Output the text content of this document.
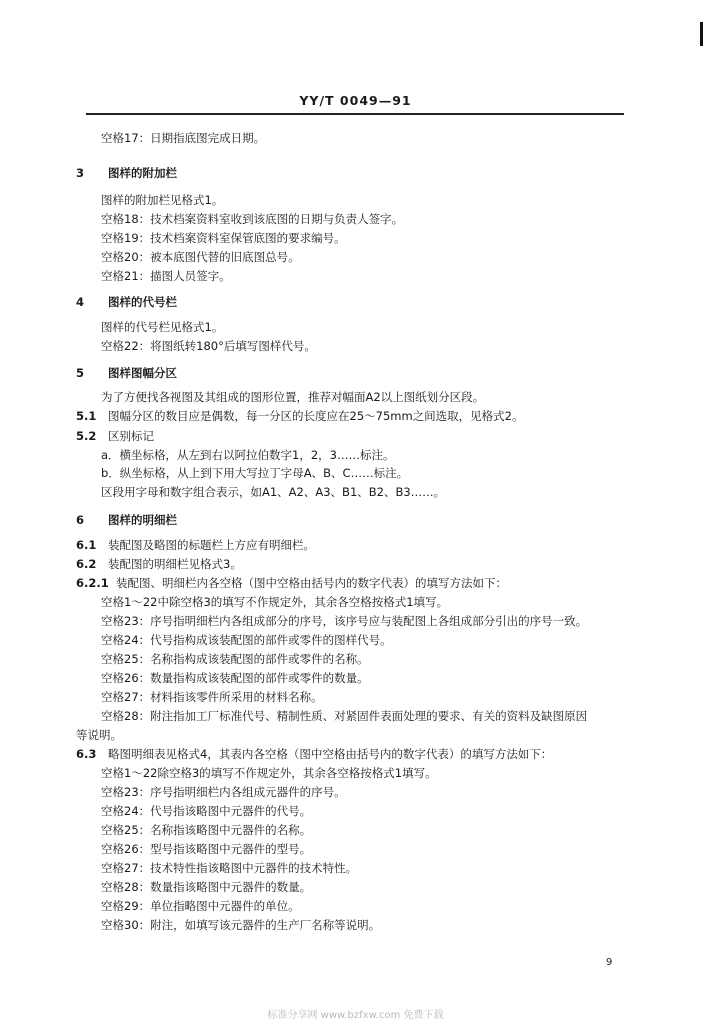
YY/T 0049—91
空格17：日期指底图完成日期。
3 图样的附加栏
图样的附加栏见格式1。
空格18：技术档案资料室收到该底图的日期与负责人签字。
空格19：技术档案资料室保管底图的要求编号。
空格20：被本底图代替的旧底图总号。
空格21：描图人员签字。
4 图样的代号栏
图样的代号栏见格式1。
空格22：将图纸转180°后填写图样代号。
5 图样图幅分区
为了方便找各视图及其组成的图形位置，推荐对幅面A2以上图纸划分区段。
5.1 图幅分区的数目应是偶数，每一分区的长度应在25～75mm之间选取，见格式2。
5.2 区别标记
a．横坐标格，从左到右以阿拉伯数字1，2，3……标注。
b．纵坐标格，从上到下用大写拉丁字母A、B、C……标注。
区段用字母和数字组合表示，如A1、A2、A3、B1、B2、B3……。
6 图样的明细栏
6.1 装配图及略图的标题栏上方应有明细栏。
6.2 装配图的明细栏见格式3。
6.2.1 装配图、明细栏内各空格（图中空格由括号内的数字代表）的填写方法如下：
空格1～22中除空格3的填写不作规定外，其余各空格按格式1填写。
空格23：序号指明细栏内各组成部分的序号，该序号应与装配图上各组成部分引出的序号一致。
空格24：代号指构成该装配图的部件或零件的图样代号。
空格25：名称指构成该装配图的部件或零件的名称。
空格26：数量指构成该装配图的部件或零件的数量。
空格27：材料指该零件所采用的材料名称。
空格28：附注指加工厂标准代号、精制性质、对紧固件表面处理的要求、有关的资料及缺图原因
等说明。
6.3 略图明细表见格式4，其表内各空格（图中空格由括号内的数字代表）的填写方法如下：
空格1～22除空格3的填写不作规定外，其余各空格按格式1填写。
空格23：序号指明细栏内各组成元器件的序号。
空格24：代号指该略图中元器件的代号。
空格25：名称指该略图中元器件的名称。
空格26：型号指该略图中元器件的型号。
空格27：技术特性指该略图中元器件的技术特性。
空格28：数量指该略图中元器件的数量。
空格29：单位指略图中元器件的单位。
空格30：附注，如填写该元器件的生产厂名称等说明。
9
标准分享网 www.bzfxw.com 免费下载
